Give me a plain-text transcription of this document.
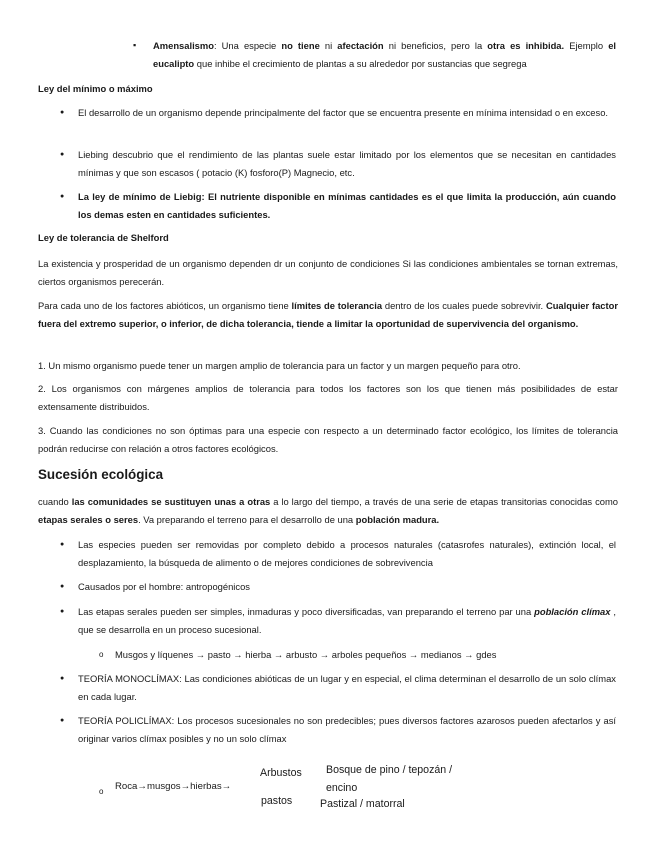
▪ Amensalismo: Una especie no tiene ni afectación ni beneficios, pero la otra es inhibida. Ejemplo el eucalipto que inhibe el crecimiento de plantas a su alrededor por sustancias que segrega
Ley del mínimo o máximo
● El desarrollo de un organismo depende principalmente del factor que se encuentra presente en mínima intensidad o en exceso.
● Liebing descubrio que el rendimiento de las plantas suele estar limitado por los elementos que se necesitan en cantidades mínimas y que son escasos ( potacio (K) fosforo(P) Magnecio, etc.
● La ley de mínimo de Liebig: El nutriente disponible en mínimas cantidades es el que limita la producción, aún cuando los demas esten en cantidades suficientes.
Ley de tolerancia de Shelford
La existencia y prosperidad de un organismo dependen dr un conjunto de condiciones Si las condiciones ambientales se tornan extremas, ciertos organismos perecerán.
Para cada uno de los factores abióticos, un organismo tiene límites de tolerancia dentro de los cuales puede sobrevivir. Cualquier factor fuera del extremo superior, o inferior, de dicha tolerancia, tiende a limitar la oportunidad de supervivencia del organismo.
1. Un mismo organismo puede tener un margen amplio de tolerancia para un factor y un margen pequeño para otro.
2. Los organismos con márgenes amplios de tolerancia para todos los factores son los que tienen más posibilidades de estar extensamente distribuidos.
3. Cuando las condiciones no son óptimas para una especie con respecto a un determinado factor ecológico, los límites de tolerancia podrán reducirse con relación a otros factores ecológicos.
Sucesión ecológica
cuando las comunidades se sustituyen unas a otras a lo largo del tiempo, a través de una serie de etapas transitorias conocidas como etapas serales o seres. Va preparando el terreno para el desarrollo de una población madura.
● Las especies pueden ser removidas por completo debido a procesos naturales (catasrofes naturales), extinción local, el desplazamiento, la búsqueda de alimento o de mejores condiciones de sobrevivencia
● Causados por el hombre: antropogénicos
● Las etapas serales pueden ser simples, inmaduras y poco diversificadas, van preparando el terreno par una población clímax , que se desarrolla en un proceso sucesional.
o Musgos y líquenes → pasto → hierba → arbusto → arboles pequeños → medianos → gdes
● TEORÍA MONOCLÍMAX: Las condiciones abióticas de un lugar y en especial, el clima determinan el desarrollo de un solo clímax en cada lugar.
● TEORÍA POLICLÍMAX: Los procesos sucesionales no son predecibles; pues diversos factores azarosos pueden afectarlos y así originar varios clímax posibles y no un solo clímax
o Roca→musgos→hierbas→
Arbustos
pastos
Bosque de pino / tepozán / encino
Pastizal / matorral
